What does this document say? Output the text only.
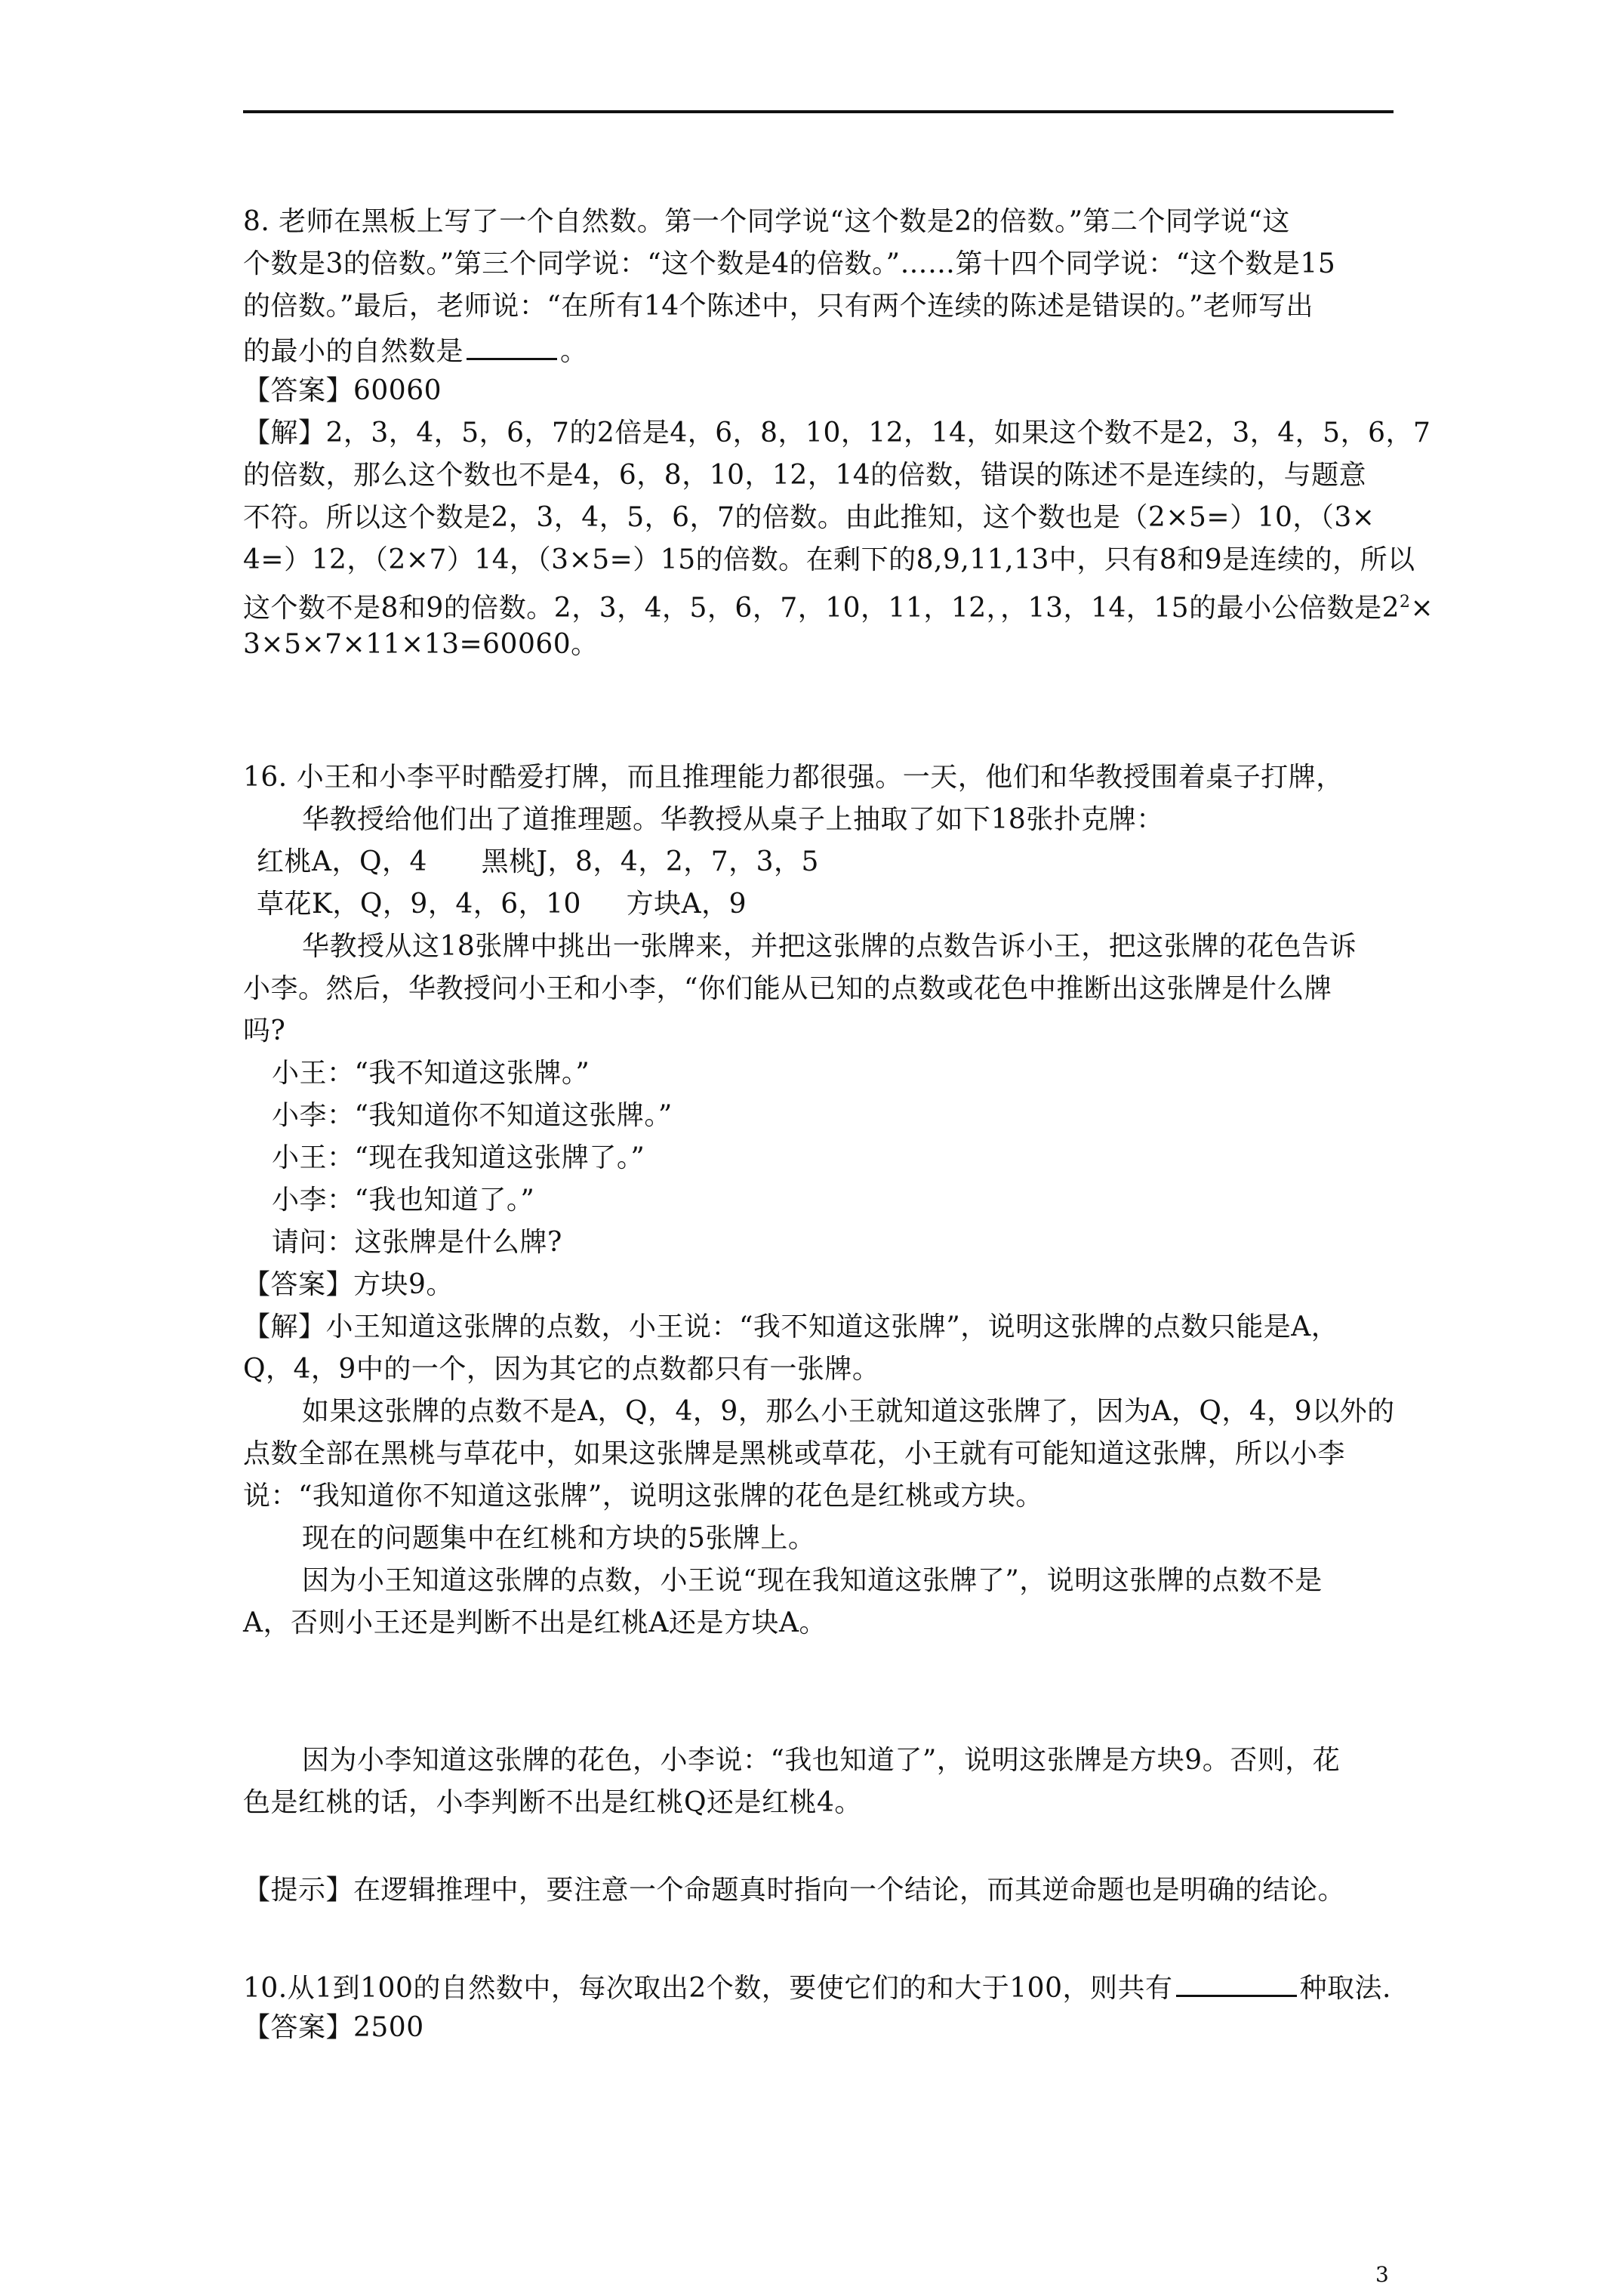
8. 老师在黑板上写了一个自然数。第一个同学说“这个数是2的倍数。”第二个同学说“这
个数是3的倍数。”第三个同学说：“这个数是4的倍数。”……第十四个同学说：“这个数是15
的倍数。”最后，老师说：“在所有14个陈述中，只有两个连续的陈述是错误的。”老师写出
的最小的自然数是	。
【答案】60060
【解】2，3，4，5，6，7的2倍是4，6，8，10，12，14，如果这个数不是2，3，4，5，6，7
的倍数，那么这个数也不是4，6，8，10，12，14的倍数，错误的陈述不是连续的，与题意
不符。所以这个数是2，3，4，5，6，7的倍数。由此推知，这个数也是（2×5=）10，（3×
4=）12，（2×7）14，（3×5=）15的倍数。在剩下的8,9,11,13中，只有8和9是连续的，所以
这个数不是8和9的倍数。2，3，4，5，6，7，10，11，12，，13，14，15的最小公倍数是$2^2\times$
3×5×7×11×13=60060。
16. 小王和小李平时酷爱打牌，而且推理能力都很强。一天，他们和华教授围着桌子打牌，
华教授给他们出了道推理题。华教授从桌子上抽取了如下18张扑克牌：
红桃A，Q，4      黑桃J，8，4，2，7，3，5
草花K，Q，9，4，6，10     方块A，9
华教授从这18张牌中挑出一张牌来，并把这张牌的点数告诉小王，把这张牌的花色告诉
小李。然后，华教授问小王和小李，“你们能从已知的点数或花色中推断出这张牌是什么牌
吗?
小王：“我不知道这张牌。”
小李：“我知道你不知道这张牌。”
小王：“现在我知道这张牌了。”
小李：“我也知道了。”
请问：这张牌是什么牌?
【答案】方块9。
【解】小王知道这张牌的点数，小王说：“我不知道这张牌”，说明这张牌的点数只能是A，
Q，4，9中的一个，因为其它的点数都只有一张牌。
如果这张牌的点数不是A，Q，4，9，那么小王就知道这张牌了，因为A，Q，4，9以外的
点数全部在黑桃与草花中，如果这张牌是黑桃或草花，小王就有可能知道这张牌，所以小李
说：“我知道你不知道这张牌”，说明这张牌的花色是红桃或方块。
现在的问题集中在红桃和方块的5张牌上。
因为小王知道这张牌的点数，小王说“现在我知道这张牌了”，说明这张牌的点数不是
A，否则小王还是判断不出是红桃A还是方块A。
因为小李知道这张牌的花色，小李说：“我也知道了”，说明这张牌是方块9。否则，花
色是红桃的话，小李判断不出是红桃Q还是红桃4。
【提示】在逻辑推理中，要注意一个命题真时指向一个结论，而其逆命题也是明确的结论。
10.从1到100的自然数中，每次取出2个数，要使它们的和大于100，则共有	种取法.
【答案】2500
3
